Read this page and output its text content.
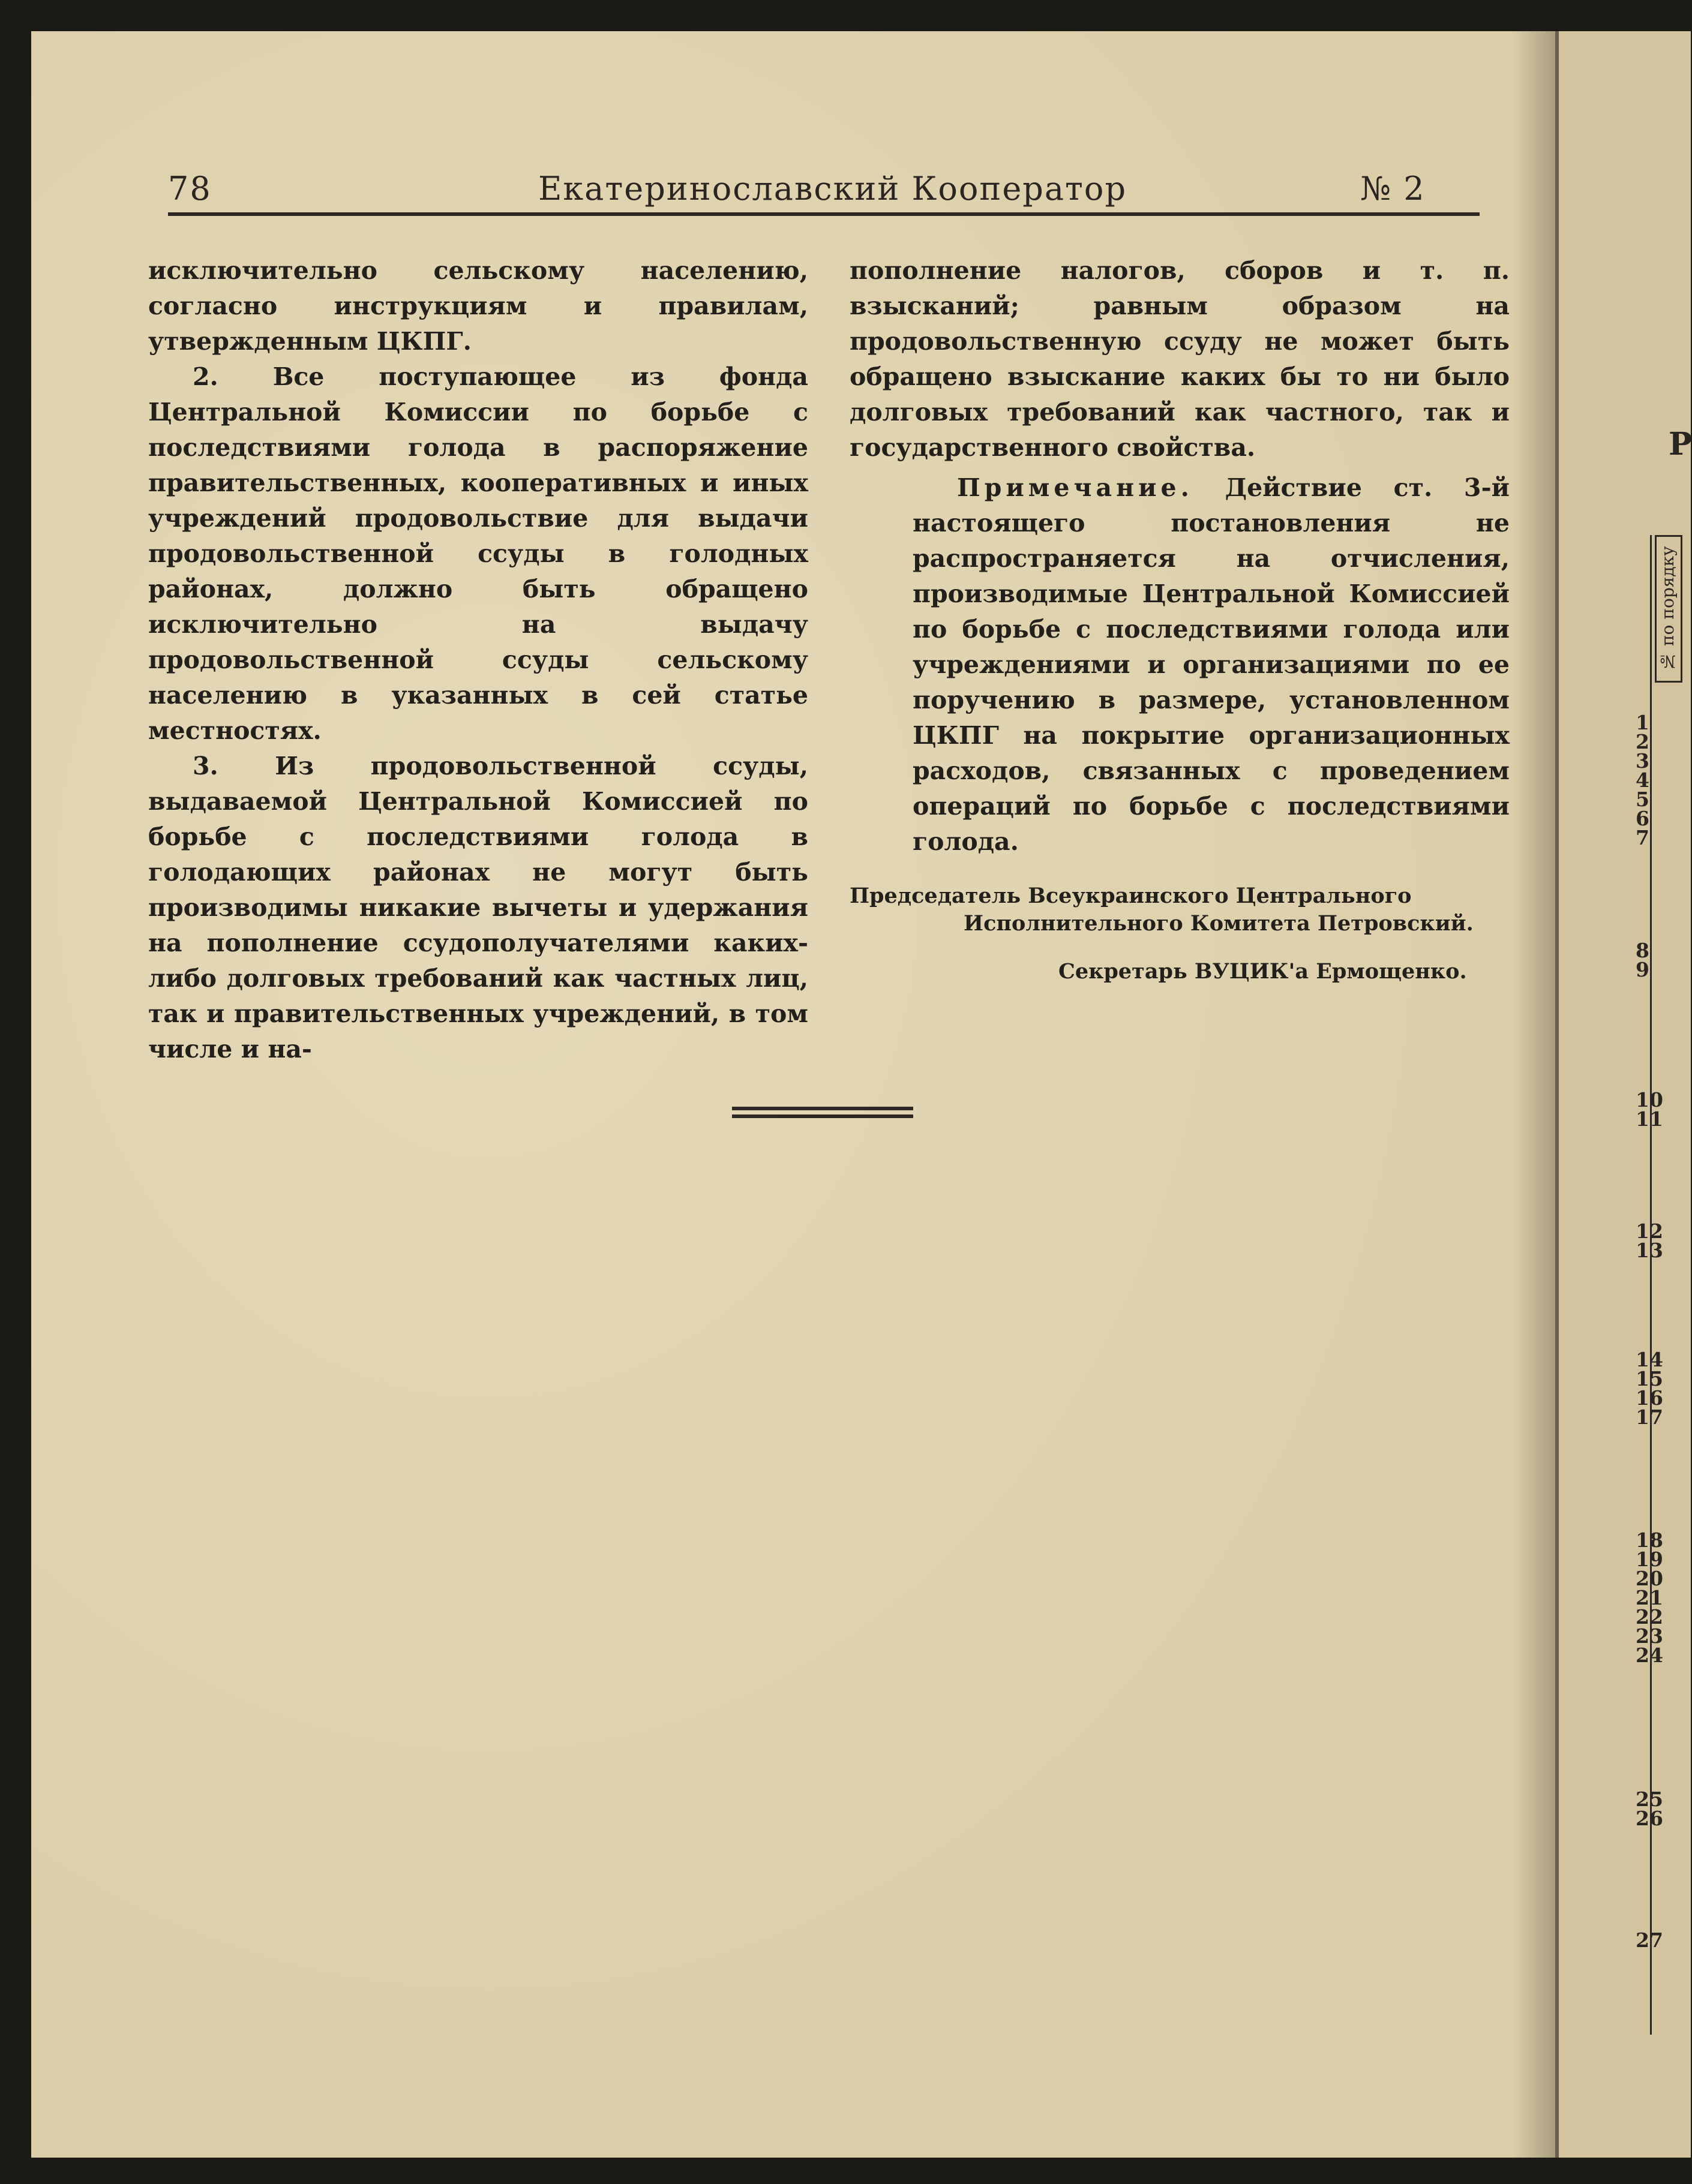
78	Екатеринославский Кооператор	№ 2

исключительно сельскому населению, согласно инструкциям и правилам, утвержденным ЦКПГ.

2. Все поступающее из фонда Центральной Комиссии по борьбе с последствиями голода в распоряжение правительственных, кооперативных и иных учреждений продовольствие для выдачи продовольственной ссуды в голодных районах, должно быть обращено исключительно на выдачу продовольственной ссуды сельскому населению в указанных в сей статье местностях.

3. Из продовольственной ссуды, выдаваемой Центральной Комиссией по борьбе с последствиями голода в голодающих районах не могут быть производимы никакие вычеты и удержания на пополнение ссудополучателями каких-либо долговых требований как частных лиц, так и правительственных учреждений, в том числе и на-

пополнение налогов, сборов и т. п. взысканий; равным образом на продовольственную ссуду не может быть обращено взыскание каких бы то ни было долговых требований как частного, так и государственного свойства.

Примечание. Действие ст. 3-й настоящего постановления не распространяется на отчисления, производимые Центральной Комиссией по борьбе с последствиями голода или учреждениями и организациями по ее поручению в размере, установленном ЦКПГ на покрытие организационных расходов, связанных с проведением операций по борьбе с последствиями голода.

Председатель Всеукраинского Центрального
Исполнительного Комитета Петровский.
Секретарь ВУЦИК'а Ермощенко.
Р
№ по порядку
1
2
3
4
5
6
7
8
9
10
11
12
13
14
15
16
17
18
19
20
21
22
23
24
25
26
27
